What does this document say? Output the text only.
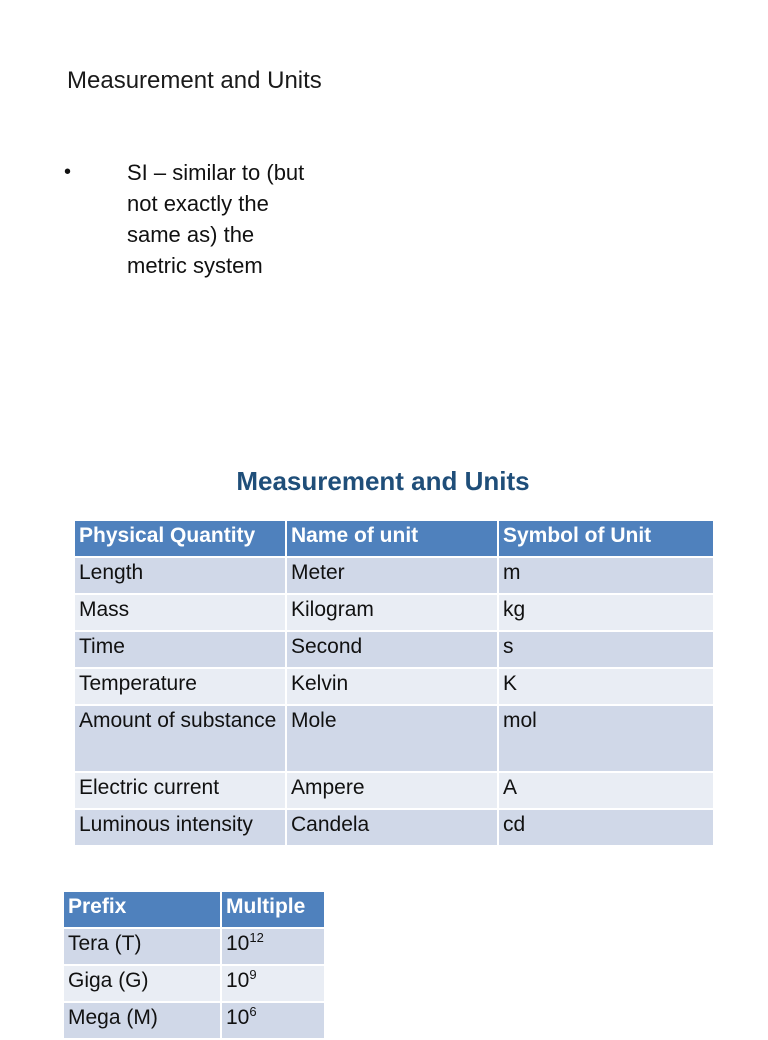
Measurement and Units
•	SI – similar to (but not exactly the same as) the metric system
Measurement and Units
Physical Quantity	Name of unit	Symbol of Unit
Length	Meter	m
Mass	Kilogram	kg
Time	Second	s
Temperature	Kelvin	K
Amount of substance	Mole	mol
Electric current	Ampere	A
Luminous intensity	Candela	cd
Prefix	Multiple
Tera (T)	$10^{12}$
Giga (G)	$10^9$
Mega (M)	$10^6$
